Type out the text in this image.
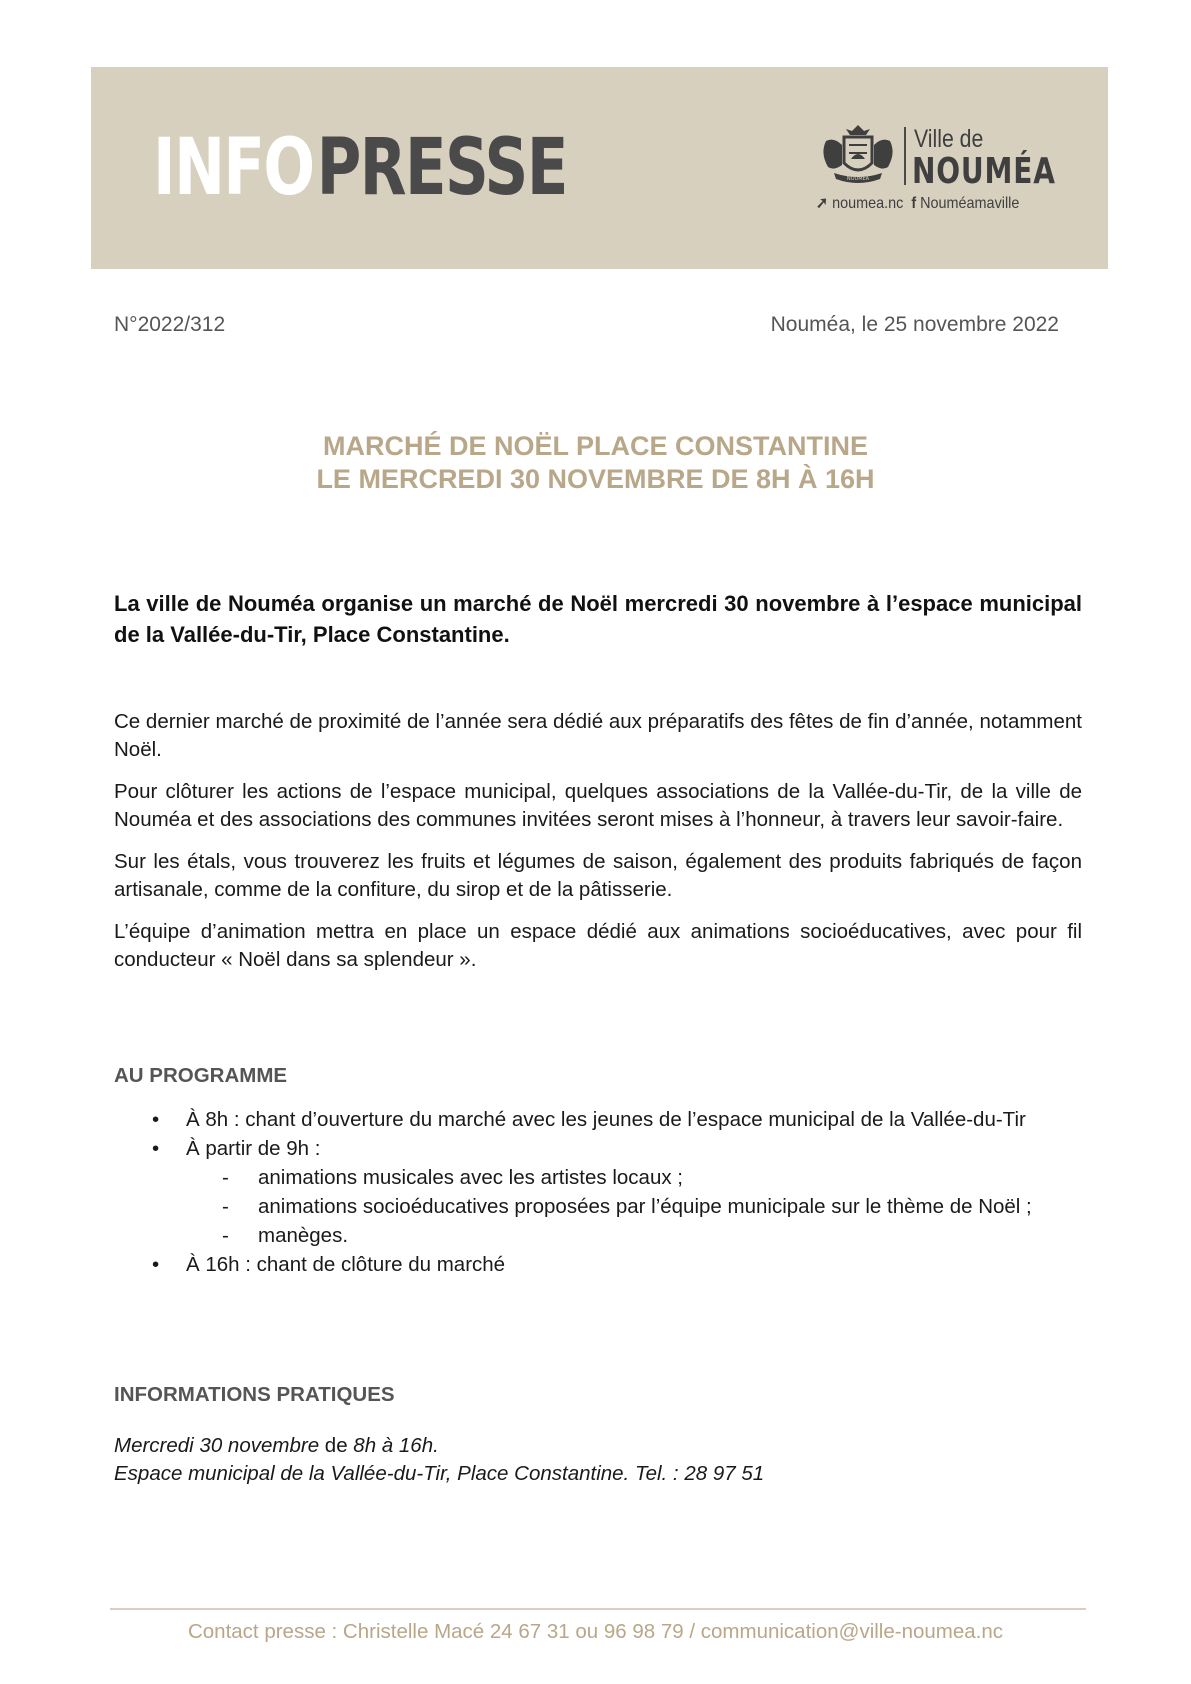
INFOPRESSE	NOUMEA
Ville de
NOUMÉA
➚ noumea.nc f Nouméamaville
N°2022/312	Nouméa, le 25 novembre 2022
MARCHÉ DE NOËL PLACE CONSTANTINE
LE MERCREDI 30 NOVEMBRE DE 8H À 16H
La ville de Nouméa organise un marché de Noël mercredi 30 novembre à l’espace municipal de la Vallée-du-Tir, Place Constantine.

Ce dernier marché de proximité de l’année sera dédié aux préparatifs des fêtes de fin d’année, notamment Noël.

Pour clôturer les actions de l’espace municipal, quelques associations de la Vallée-du-Tir, de la ville de Nouméa et des associations des communes invitées seront mises à l’honneur, à travers leur savoir-faire.

Sur les étals, vous trouverez les fruits et légumes de saison, également des produits fabriqués de façon artisanale, comme de la confiture, du sirop et de la pâtisserie.

L’équipe d’animation mettra en place un espace dédié aux animations socioéducatives, avec pour fil conducteur « Noël dans sa splendeur ».

AU PROGRAMME
• À 8h : chant d’ouverture du marché avec les jeunes de l’espace municipal de la Vallée-du-Tir
• À partir de 9h :
- animations musicales avec les artistes locaux ;
- animations socioéducatives proposées par l’équipe municipale sur le thème de Noël ;
- manèges.
• À 16h : chant de clôture du marché
INFORMATIONS PRATIQUES
Mercredi 30 novembre de 8h à 16h.
Espace municipal de la Vallée-du-Tir, Place Constantine. Tel. : 28 97 51
Contact presse : Christelle Macé 24 67 31 ou 96 98 79 / communication@ville-noumea.nc
